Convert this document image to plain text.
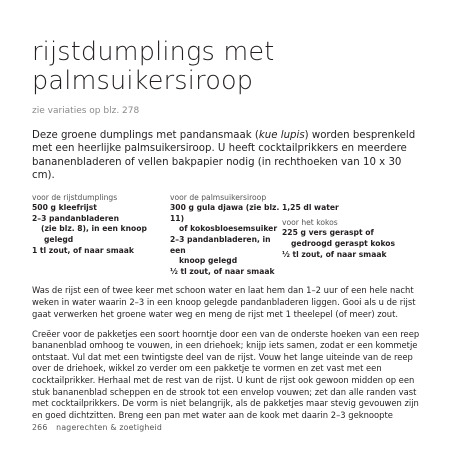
rijstdumplings met
palmsuikersiroop
zie variaties op blz. 278
Deze groene dumplings met pandansmaak (kue lupis) worden besprenkeld met een heerlijke palmsuikersiroop. U heeft cocktailprikkers en meerdere bananenbladeren of vellen bakpapier nodig (in rechthoeken van 10 x 30 cm).
voor de rijstdumplings
500 g kleefrijst
2–3 pandanbladeren
(zie blz. 8), in een knoop
gelegd
1 tl zout, of naar smaak
voor de palmsuikersiroop
300 g gula djawa (zie blz. 11)
of kokosbloesemsuiker
2–3 pandanbladeren, in een
knoop gelegd
½ tl zout, of naar smaak
1,25 dl water
voor het kokos
225 g vers geraspt of
gedroogd geraspt kokos
½ tl zout, of naar smaak

Was de rijst een of twee keer met schoon water en laat hem dan 1–2 uur of een hele nacht weken in water waarin 2–3 in een knoop gelegde pandanbladeren liggen. Gooi als u de rijst gaat verwerken het groene water weg en meng de rijst met 1 theelepel (of meer) zout.

Creëer voor de pakketjes een soort hoorntje door een van de onderste hoeken van een reep bananenblad omhoog te vouwen, in een driehoek; knijp iets samen, zodat er een kommetje ontstaat. Vul dat met een twintigste deel van de rijst. Vouw het lange uiteinde van de reep over de driehoek, wikkel zo verder om een pakketje te vormen en zet vast met een cocktailprikker. Herhaal met de rest van de rijst. U kunt de rijst ook gewoon midden op een stuk bananenblad scheppen en de strook tot een envelop vouwen; zet dan alle randen vast met cocktailprikkers. De vorm is niet belangrijk, als de pakketjes maar stevig gevouwen zijn en goed dichtzitten. Breng een pan met water aan de kook met daarin 2–3 geknoopte

266 nagerechten & zoetigheid
